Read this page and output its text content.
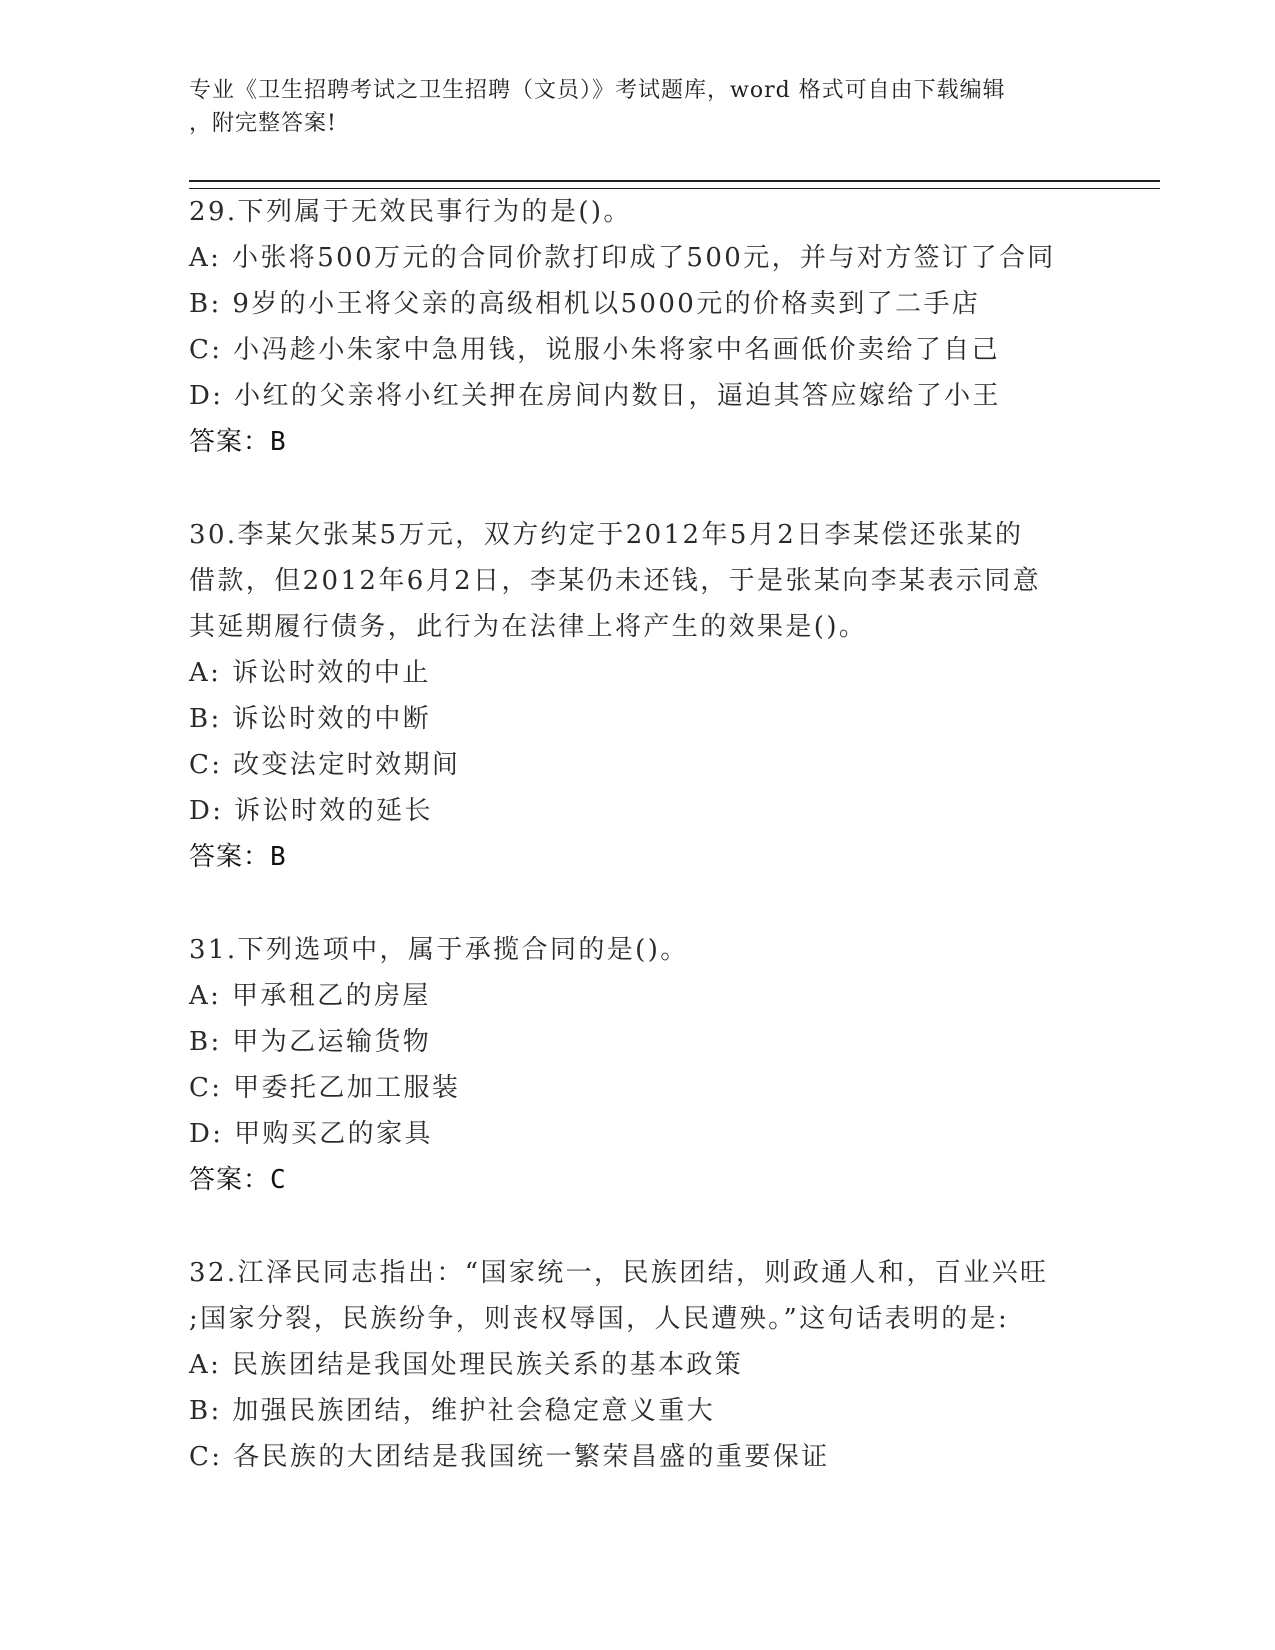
专业《卫生招聘考试之卫生招聘（文员）》考试题库，word 格式可自由下载编辑
，附完整答案!
29.下列属于无效民事行为的是()。
A: 小张将500万元的合同价款打印成了500元，并与对方签订了合同
B: 9岁的小王将父亲的高级相机以5000元的价格卖到了二手店
C: 小冯趁小朱家中急用钱，说服小朱将家中名画低价卖给了自己
D: 小红的父亲将小红关押在房间内数日，逼迫其答应嫁给了小王
答案：B
30.李某欠张某5万元，双方约定于2012年5月2日李某偿还张某的
借款，但2012年6月2日，李某仍未还钱，于是张某向李某表示同意
其延期履行债务，此行为在法律上将产生的效果是()。
A: 诉讼时效的中止
B: 诉讼时效的中断
C: 改变法定时效期间
D: 诉讼时效的延长
答案：B
31.下列选项中，属于承揽合同的是()。
A: 甲承租乙的房屋
B: 甲为乙运输货物
C: 甲委托乙加工服装
D: 甲购买乙的家具
答案：C
32.江泽民同志指出：“国家统一，民族团结，则政通人和，百业兴旺
;国家分裂，民族纷争，则丧权辱国，人民遭殃。”这句话表明的是:
A: 民族团结是我国处理民族关系的基本政策
B: 加强民族团结，维护社会稳定意义重大
C: 各民族的大团结是我国统一繁荣昌盛的重要保证
